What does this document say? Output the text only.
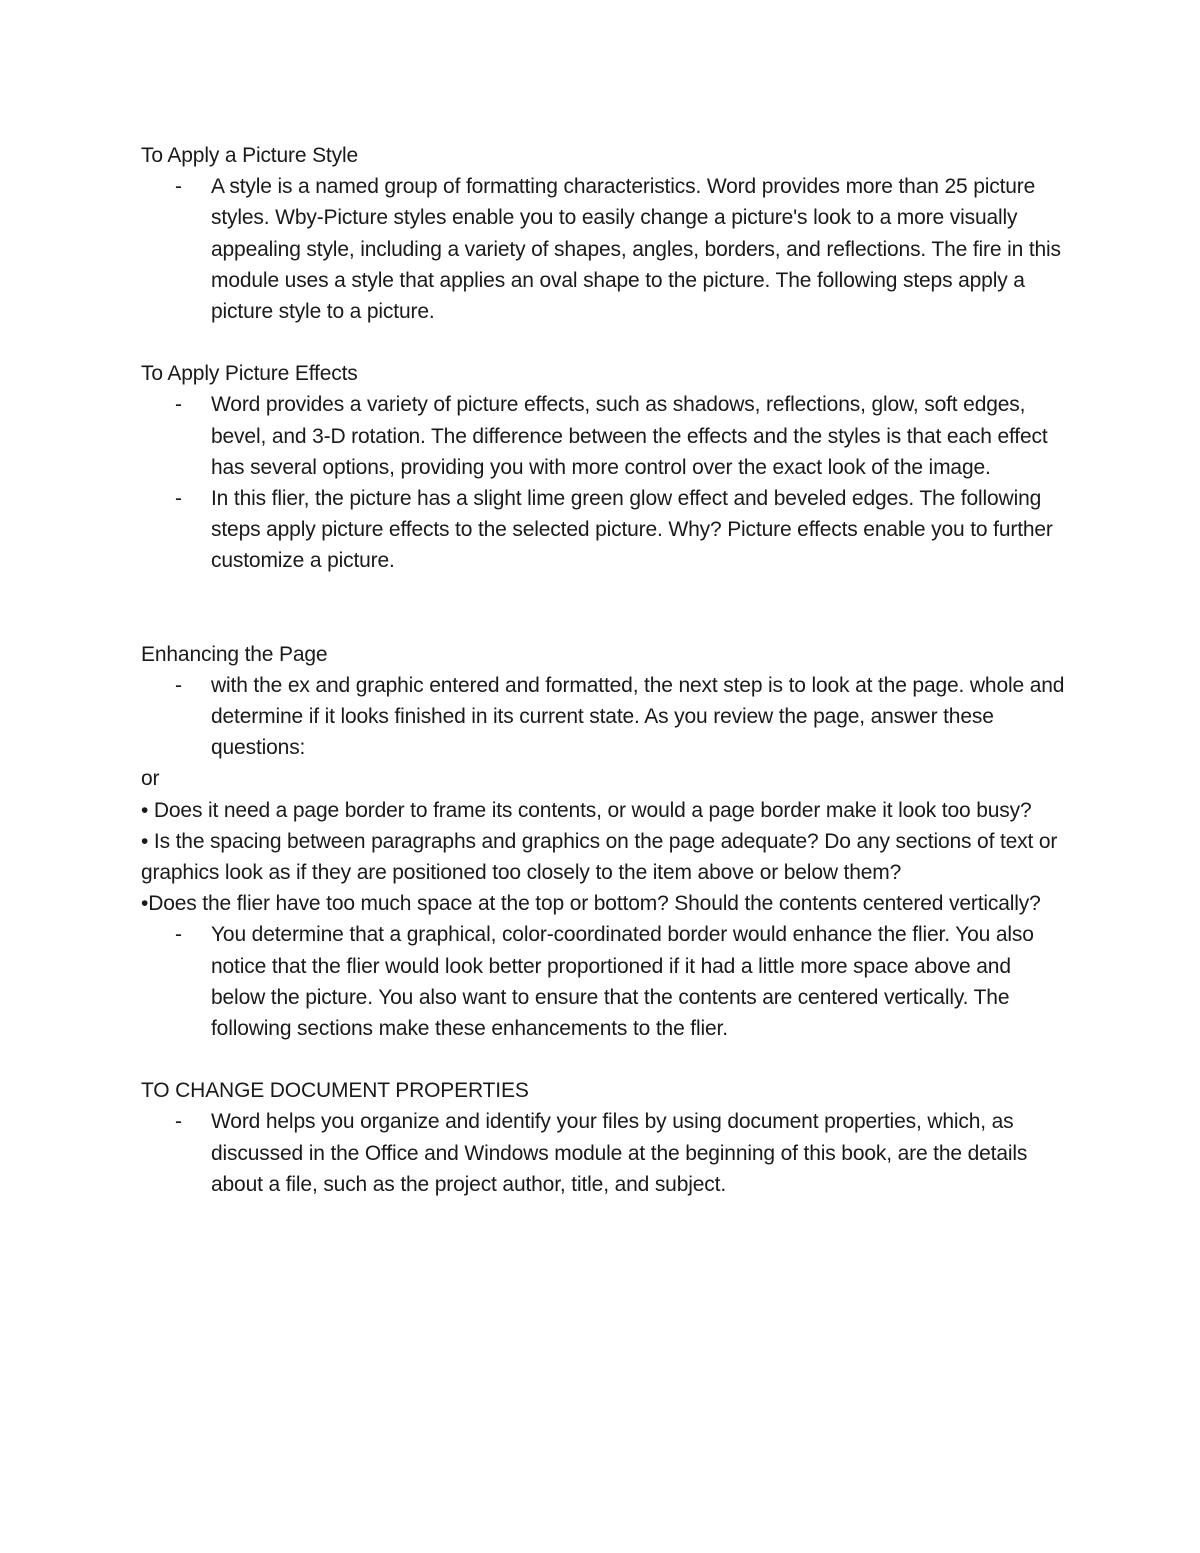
To Apply a Picture Style

- A style is a named group of formatting characteristics. Word provides more than 25 picture styles. Wby-Picture styles enable you to easily change a picture's look to a more visually appealing style, including a variety of shapes, angles, borders, and reflections. The fire in this module uses a style that applies an oval shape to the picture. The following steps apply a picture style to a picture.

To Apply Picture Effects

- Word provides a variety of picture effects, such as shadows, reflections, glow, soft edges, bevel, and 3-D rotation. The difference between the effects and the styles is that each effect has several options, providing you with more control over the exact look of the image.
- In this flier, the picture has a slight lime green glow effect and beveled edges. The following steps apply picture effects to the selected picture. Why? Picture effects enable you to further customize a picture.

Enhancing the Page

- with the ex and graphic entered and formatted, the next step is to look at the page. whole and determine if it looks finished in its current state. As you review the page, answer these questions:

or

• Does it need a page border to frame its contents, or would a page border make it look too busy?

• Is the spacing between paragraphs and graphics on the page adequate? Do any sections of text or graphics look as if they are positioned too closely to the item above or below them?

•Does the flier have too much space at the top or bottom? Should the contents centered vertically?

- You determine that a graphical, color-coordinated border would enhance the flier. You also notice that the flier would look better proportioned if it had a little more space above and below the picture. You also want to ensure that the contents are centered vertically. The following sections make these enhancements to the flier.

TO CHANGE DOCUMENT PROPERTIES

- Word helps you organize and identify your files by using document properties, which, as discussed in the Office and Windows module at the beginning of this book, are the details about a file, such as the project author, title, and subject.
